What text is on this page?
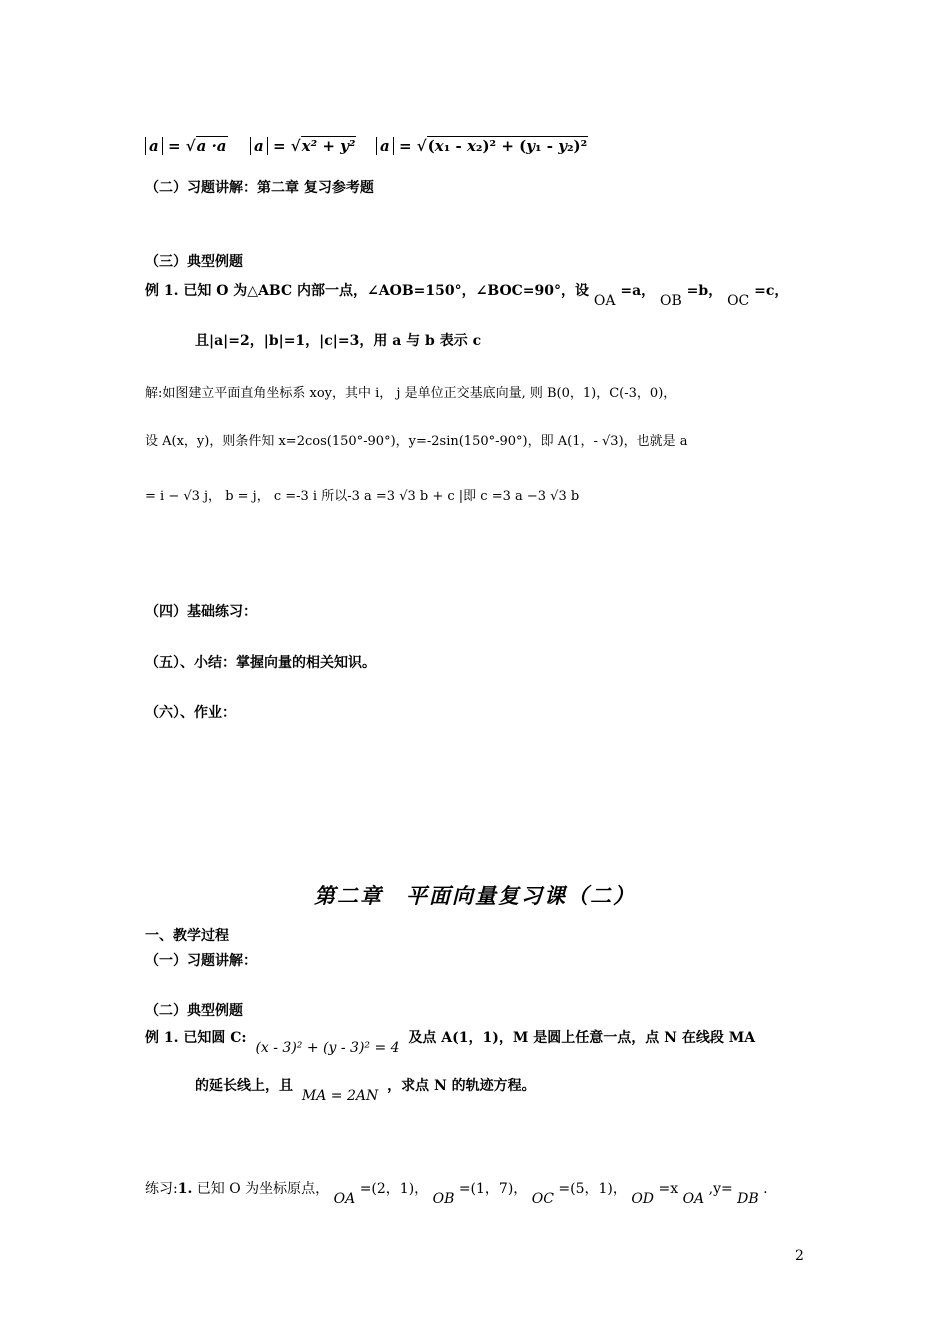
a = √a ·a a = √x² + y² a = √(x₁ - x₂)² + (y₁ - y₂)²
（二）习题讲解：第二章 复习参考题
（三）典型例题
例 1. 已知 O 为△ABC 内部一点，∠AOB=150°，∠BOC=90°，设 OA =a， OB =b， OC =c，
且|a|=2，|b|=1，|c|=3，用 a 与 b 表示 c
解:如图建立平面直角坐标系 xoy，其中 i， j 是单位正交基底向量, 则 B(0，1)，C(-3，0)，
设 A(x，y)，则条件知 x=2cos(150°-90°)，y=-2sin(150°-90°)，即 A(1，- √3)，也就是 a
= i − √3 j， b = j， c =-3 i 所以-3 a =3 √3 b + c |即 c =3 a −3 √3 b
（四）基础练习：
（五）、小结：掌握向量的相关知识。
（六）、作业：
第二章　平面向量复习课（二）
一、教学过程
（一）习题讲解：
（二）典型例题
例 1. 已知圆 C: (x - 3)² + (y - 3)² = 4 及点 A(1，1)，M 是圆上任意一点，点 N 在线段 MA
的延长线上，且 MA = 2AN ，求点 N 的轨迹方程。
练习:1. 已知 O 为坐标原点， OA =(2，1)， OB =(1，7)， OC =(5，1)， OD =x OA ,y= DB .
2
